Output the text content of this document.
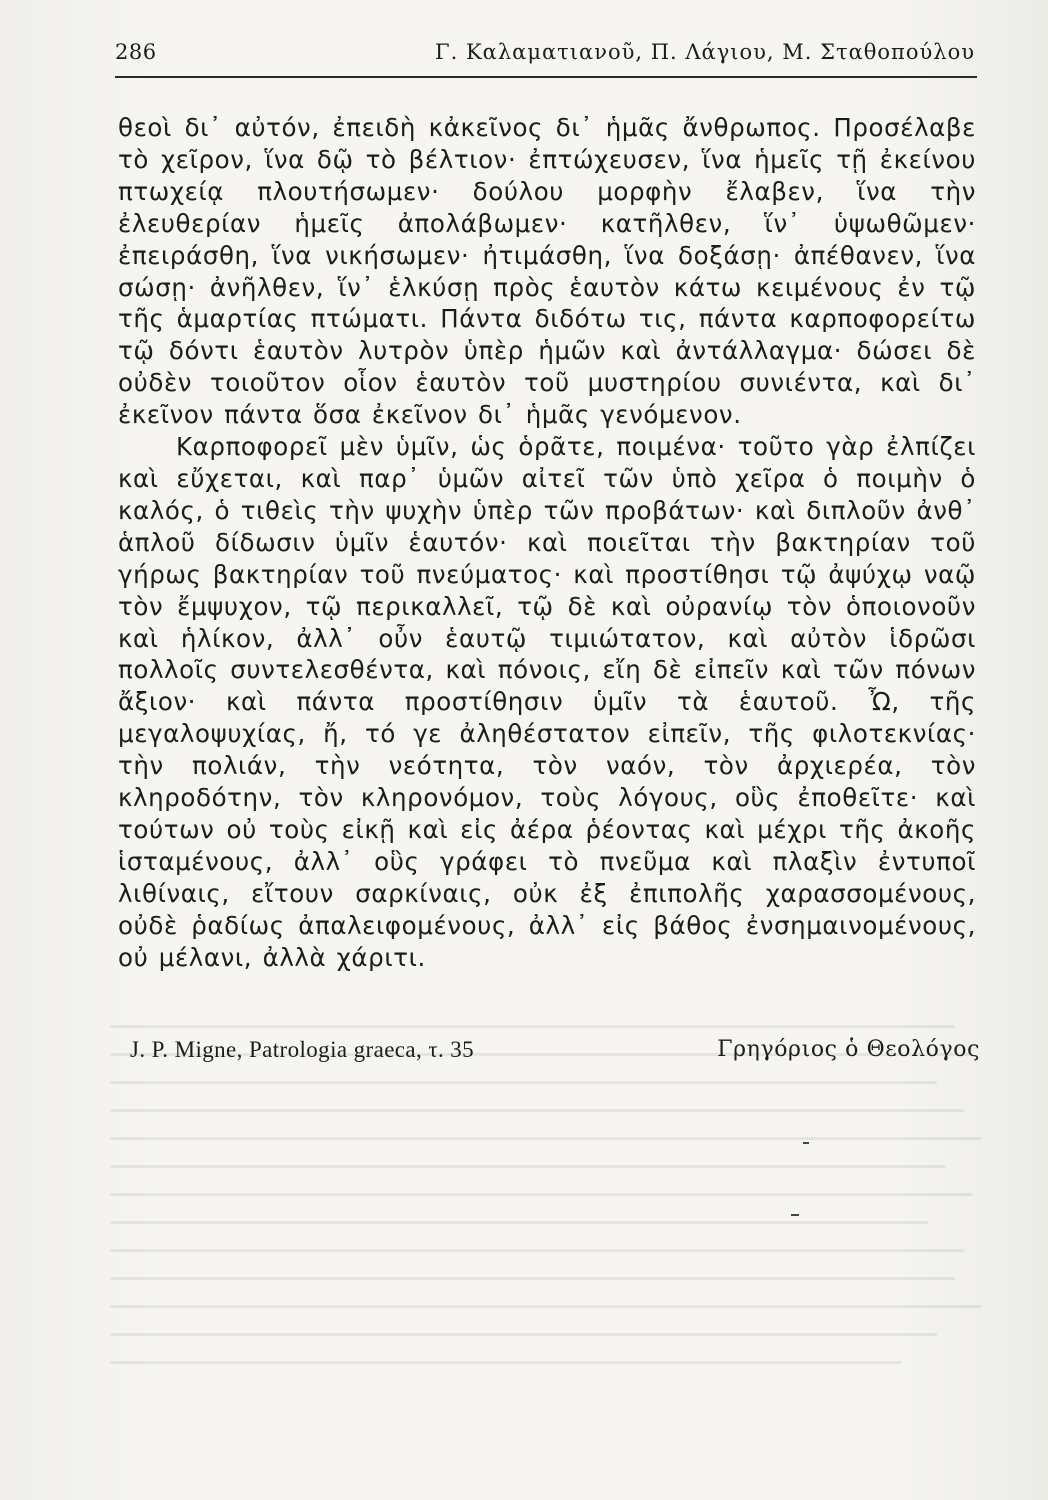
286	Γ. Καλαματιανοῦ, Π. Λάγιου, Μ. Σταθοπούλου

θεοὶ δι᾽ αὐτόν, ἐπειδὴ κἀκεῖνος δι᾽ ἡμᾶς ἄνθρωπος. Προσέλαβε τὸ χεῖρον, ἵνα δῷ τὸ βέλτιον· ἐπτώχευσεν, ἵνα ἡμεῖς τῇ ἐκείνου πτωχείᾳ πλουτήσωμεν· δούλου μορφὴν ἔλαβεν, ἵνα τὴν ἐλευθερίαν ἡμεῖς ἀπολάβωμεν· κατῆλθεν, ἵν᾽ ὑψωθῶμεν· ἐπειράσθη, ἵνα νικήσωμεν· ἠτιμάσθη, ἵνα δοξάσῃ· ἀπέθανεν, ἵνα σώσῃ· ἀνῆλθεν, ἵν᾽ ἑλκύσῃ πρὸς ἑαυτὸν κάτω κειμένους ἐν τῷ τῆς ἁμαρτίας πτώματι. Πάντα διδότω τις, πάντα καρποφορείτω τῷ δόντι ἑαυτὸν λυτρὸν ὑπὲρ ἡμῶν καὶ ἀντάλλαγμα· δώσει δὲ οὐδὲν τοιοῦτον οἷον ἑαυτὸν τοῦ μυστηρίου συνιέντα, καὶ δι᾽ ἐκεῖνον πάντα ὅσα ἐκεῖνον δι᾽ ἡμᾶς γενόμενον.

Καρποφορεῖ μὲν ὑμῖν, ὡς ὁρᾶτε, ποιμένα· τοῦτο γὰρ ἐλπίζει καὶ εὔχεται, καὶ παρ᾽ ὑμῶν αἰτεῖ τῶν ὑπὸ χεῖρα ὁ ποιμὴν ὁ καλός, ὁ τιθεὶς τὴν ψυχὴν ὑπὲρ τῶν προβάτων· καὶ διπλοῦν ἀνθ᾽ ἁπλοῦ δίδωσιν ὑμῖν ἑαυτόν· καὶ ποιεῖται τὴν βακτηρίαν τοῦ γήρως βακτηρίαν τοῦ πνεύματος· καὶ προστίθησι τῷ ἀψύχῳ ναῷ τὸν ἔμψυχον, τῷ περικαλλεῖ, τῷ δὲ καὶ οὐρανίῳ τὸν ὁποιονοῦν καὶ ἡλίκον, ἀλλ᾽ οὖν ἑαυτῷ τιμιώτατον, καὶ αὐτὸν ἱδρῶσι πολλοῖς συντελεσθέντα, καὶ πόνοις, εἴη δὲ εἰπεῖν καὶ τῶν πόνων ἄξιον· καὶ πάντα προστίθησιν ὑμῖν τὰ ἑαυτοῦ. Ὦ, τῆς μεγαλοψυχίας, ἤ, τό γε ἀληθέστατον εἰπεῖν, τῆς φιλοτεκνίας· τὴν πολιάν, τὴν νεότητα, τὸν ναόν, τὸν ἀρχιερέα, τὸν κληροδότην, τὸν κληρονόμον, τοὺς λόγους, οὓς ἐποθεῖτε· καὶ τούτων οὐ τοὺς εἰκῇ καὶ εἰς ἀέρα ῥέοντας καὶ μέχρι τῆς ἀκοῆς ἱσταμένους, ἀλλ᾽ οὓς γράφει τὸ πνεῦμα καὶ πλαξὶν ἐντυποῖ λιθίναις, εἴτουν σαρκίναις, οὐκ ἐξ ἐπιπολῆς χαρασσομένους, οὐδὲ ῥαδίως ἀπαλειφομένους, ἀλλ᾽ εἰς βάθος ἐνσημαινομένους, οὐ μέλανι, ἀλλὰ χάριτι.

J. P. Migne, Patrologia graeca, τ. 35	Γρηγόριος ὁ Θεολόγος
